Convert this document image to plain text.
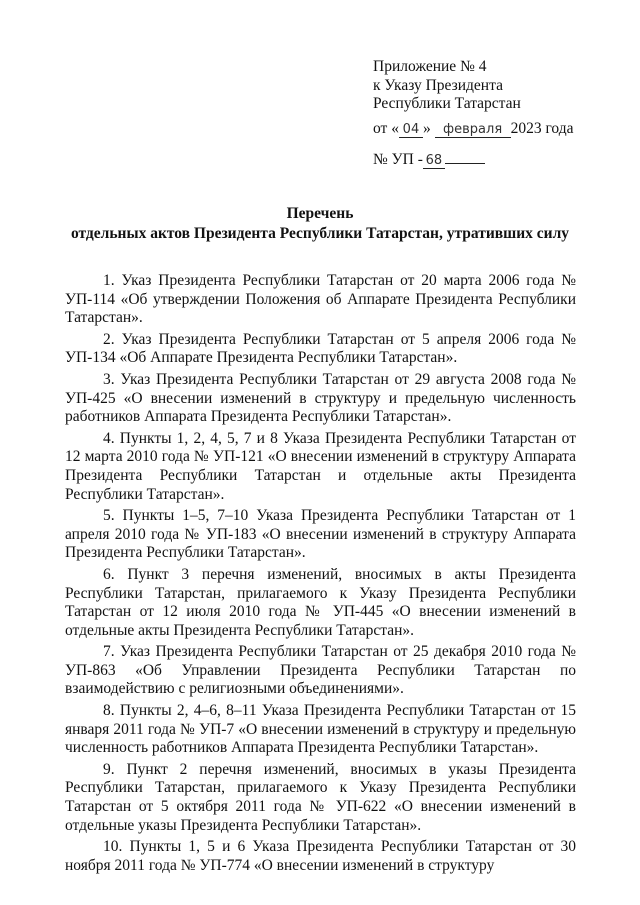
Приложение № 4
к Указу Президента
Республики Татарстан
от « 04 » февраля 2023 года
№ УП - 68
Перечень
отдельных актов Президента Республики Татарстан, утративших силу

1. Указ Президента Республики Татарстан от 20 марта 2006 года № УП-114 «Об утверждении Положения об Аппарате Президента Республики Татарстан».

2. Указ Президента Республики Татарстан от 5 апреля 2006 года № УП-134 «Об Аппарате Президента Республики Татарстан».

3. Указ Президента Республики Татарстан от 29 августа 2008 года № УП-425 «О внесении изменений в структуру и предельную численность работников Аппарата Президента Республики Татарстан».

4. Пункты 1, 2, 4, 5, 7 и 8 Указа Президента Республики Татарстан от 12 марта 2010 года № УП-121 «О внесении изменений в структуру Аппарата Президента Республики Татарстан и отдельные акты Президента Республики Татарстан».

5. Пункты 1–5, 7–10 Указа Президента Республики Татарстан от 1 апреля 2010 года № УП-183 «О внесении изменений в структуру Аппарата Президента Республики Татарстан».

6. Пункт 3 перечня изменений, вносимых в акты Президента Республики Татарстан, прилагаемого к Указу Президента Республики Татарстан от 12 июля 2010 года № УП-445 «О внесении изменений в отдельные акты Президента Республики Татарстан».

7. Указ Президента Республики Татарстан от 25 декабря 2010 года № УП-863 «Об Управлении Президента Республики Татарстан по взаимодействию с религиозными объединениями».

8. Пункты 2, 4–6, 8–11 Указа Президента Республики Татарстан от 15 января 2011 года № УП-7 «О внесении изменений в структуру и предельную численность работников Аппарата Президента Республики Татарстан».

9. Пункт 2 перечня изменений, вносимых в указы Президента Республики Татарстан, прилагаемого к Указу Президента Республики Татарстан от 5 октября 2011 года № УП-622 «О внесении изменений в отдельные указы Президента Республики Татарстан».

10. Пункты 1, 5 и 6 Указа Президента Республики Татарстан от 30 ноября 2011 года № УП-774 «О внесении изменений в структуру
